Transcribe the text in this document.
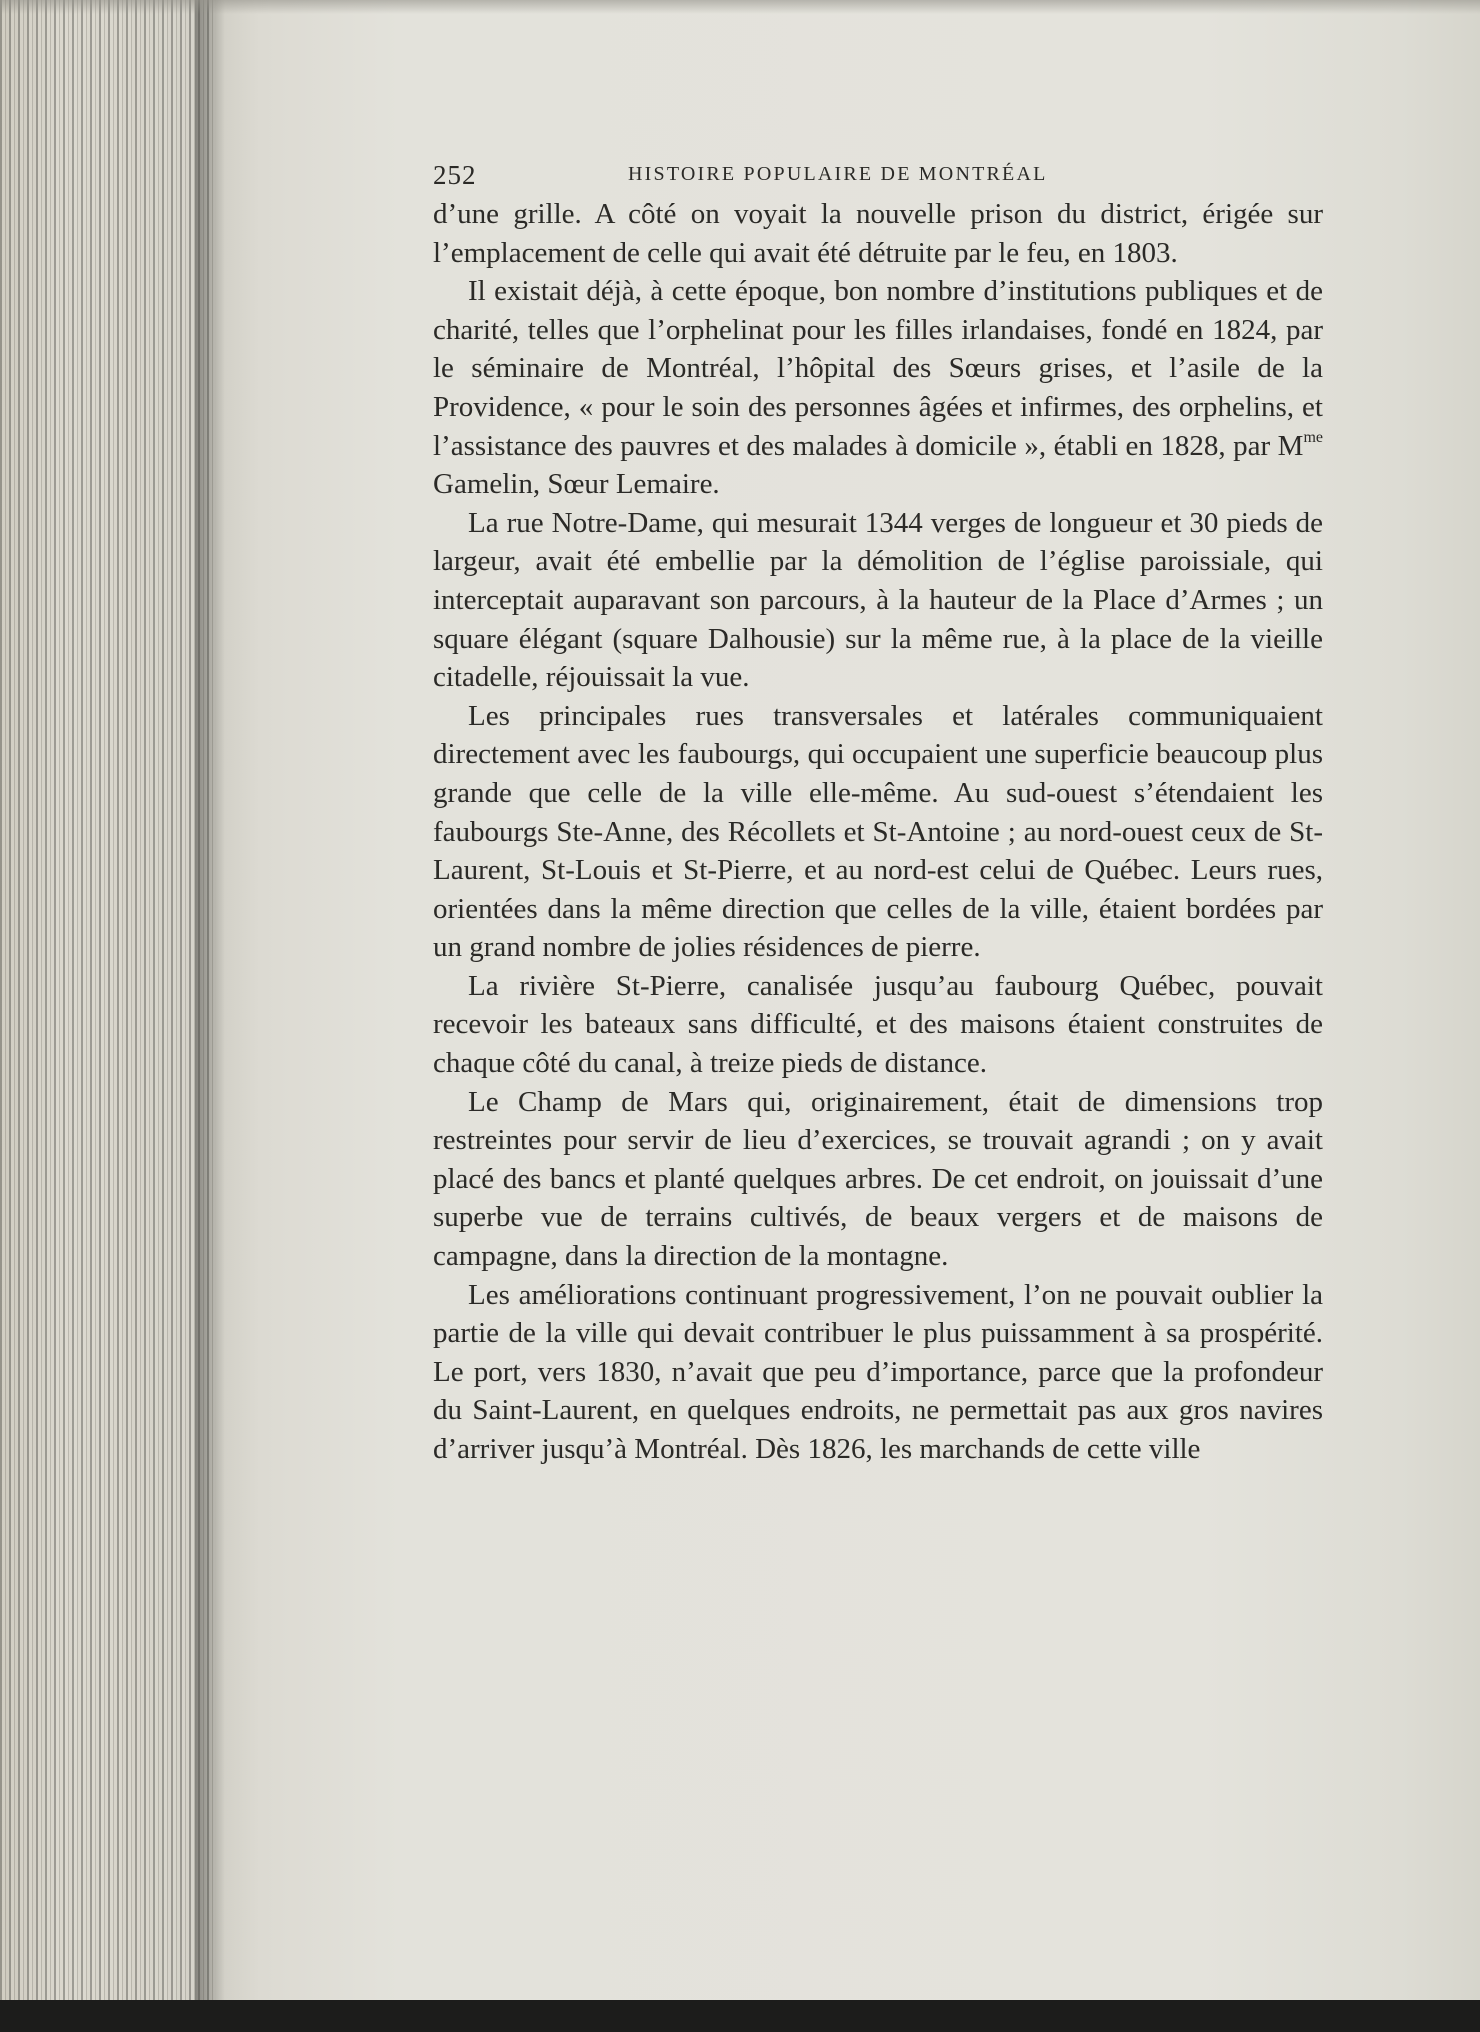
252	HISTOIRE POPULAIRE DE MONTRÉAL

d’une grille. A côté on voyait la nouvelle prison du district, érigée sur l’emplacement de celle qui avait été détruite par le feu, en 1803.

Il existait déjà, à cette époque, bon nombre d’institutions publiques et de charité, telles que l’orphelinat pour les filles irlandaises, fondé en 1824, par le séminaire de Montréal, l’hôpital des Sœurs grises, et l’asile de la Providence, « pour le soin des personnes âgées et infirmes, des orphelins, et l’assistance des pauvres et des malades à domicile », établi en 1828, par $M^{me}$ Gamelin, Sœur Lemaire.

La rue Notre-Dame, qui mesurait 1344 verges de longueur et 30 pieds de largeur, avait été embellie par la démolition de l’église paroissiale, qui interceptait auparavant son parcours, à la hauteur de la Place d’Armes ; un square élégant (square Dalhousie) sur la même rue, à la place de la vieille citadelle, réjouissait la vue.

Les principales rues transversales et latérales communiquaient directement avec les faubourgs, qui occupaient une superficie beaucoup plus grande que celle de la ville elle-même. Au sud-ouest s’étendaient les faubourgs Ste-Anne, des Récollets et St-Antoine ; au nord-ouest ceux de St-Laurent, St-Louis et St-Pierre, et au nord-est celui de Québec. Leurs rues, orientées dans la même direction que celles de la ville, étaient bordées par un grand nombre de jolies résidences de pierre.

La rivière St-Pierre, canalisée jusqu’au faubourg Québec, pouvait recevoir les bateaux sans difficulté, et des maisons étaient construites de chaque côté du canal, à treize pieds de distance.

Le Champ de Mars qui, originairement, était de dimensions trop restreintes pour servir de lieu d’exercices, se trouvait agrandi ; on y avait placé des bancs et planté quelques arbres. De cet endroit, on jouissait d’une superbe vue de terrains cultivés, de beaux vergers et de maisons de campagne, dans la direction de la montagne.

Les améliorations continuant progressivement, l’on ne pouvait oublier la partie de la ville qui devait contribuer le plus puissamment à sa prospérité. Le port, vers 1830, n’avait que peu d’importance, parce que la profondeur du Saint-Laurent, en quelques endroits, ne permettait pas aux gros navires d’arriver jusqu’à Montréal. Dès 1826, les marchands de cette ville
